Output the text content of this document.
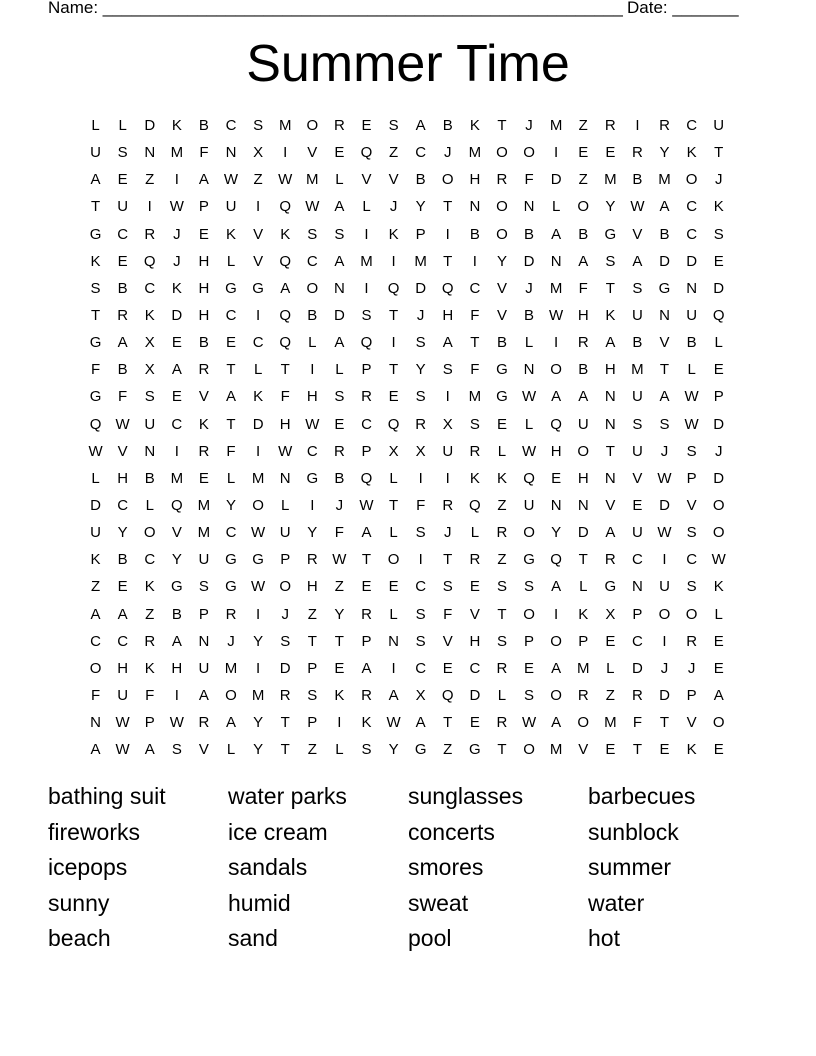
Name: _______________________________________________________ Date: _______
Summer Time
L	L	D	K	B	C	S	M	O	R	E	S	A	B	K	T	J	M	Z	R	I	R	C	U
U	S	N	M	F	N	X	I	V	E	Q	Z	C	J	M	O	O	I	E	E	R	Y	K	T
A	E	Z	I	A	W	Z	W	M	L	V	V	B	O	H	R	F	D	Z	M	B	M	O	J
T	U	I	W	P	U	I	Q	W	A	L	J	Y	T	N	O	N	L	O	Y	W	A	C	K
G	C	R	J	E	K	V	K	S	S	I	K	P	I	B	O	B	A	B	G	V	B	C	S
K	E	Q	J	H	L	V	Q	C	A	M	I	M	T	I	Y	D	N	A	S	A	D	D	E
S	B	C	K	H	G	G	A	O	N	I	Q	D	Q	C	V	J	M	F	T	S	G	N	D
T	R	K	D	H	C	I	Q	B	D	S	T	J	H	F	V	B	W	H	K	U	N	U	Q
G	A	X	E	B	E	C	Q	L	A	Q	I	S	A	T	B	L	I	R	A	B	V	B	L
F	B	X	A	R	T	L	T	I	L	P	T	Y	S	F	G	N	O	B	H	M	T	L	E
G	F	S	E	V	A	K	F	H	S	R	E	S	I	M	G	W	A	A	N	U	A	W	P
Q	W	U	C	K	T	D	H	W	E	C	Q	R	X	S	E	L	Q	U	N	S	S	W	D
W	V	N	I	R	F	I	W	C	R	P	X	X	U	R	L	W	H	O	T	U	J	S	J
L	H	B	M	E	L	M	N	G	B	Q	L	I	I	K	K	Q	E	H	N	V	W	P	D
D	C	L	Q	M	Y	O	L	I	J	W	T	F	R	Q	Z	U	N	N	V	E	D	V	O
U	Y	O	V	M	C	W	U	Y	F	A	L	S	J	L	R	O	Y	D	A	U	W	S	O
K	B	C	Y	U	G	G	P	R	W	T	O	I	T	R	Z	G	Q	T	R	C	I	C	W
Z	E	K	G	S	G	W	O	H	Z	E	E	C	S	E	S	S	A	L	G	N	U	S	K
A	A	Z	B	P	R	I	J	Z	Y	R	L	S	F	V	T	O	I	K	X	P	O	O	L
C	C	R	A	N	J	Y	S	T	T	P	N	S	V	H	S	P	O	P	E	C	I	R	E
O	H	K	H	U	M	I	D	P	E	A	I	C	E	C	R	E	A	M	L	D	J	J	E
F	U	F	I	A	O	M	R	S	K	R	A	X	Q	D	L	S	O	R	Z	R	D	P	A
N	W	P	W	R	A	Y	T	P	I	K	W	A	T	E	R	W	A	O	M	F	T	V	O
A	W	A	S	V	L	Y	T	Z	L	S	Y	G	Z	G	T	O	M	V	E	T	E	K	E
bathing suit	water parks	sunglasses	barbecues
fireworks	ice cream	concerts	sunblock
icepops	sandals	smores	summer
sunny	humid	sweat	water
beach	sand	pool	hot
